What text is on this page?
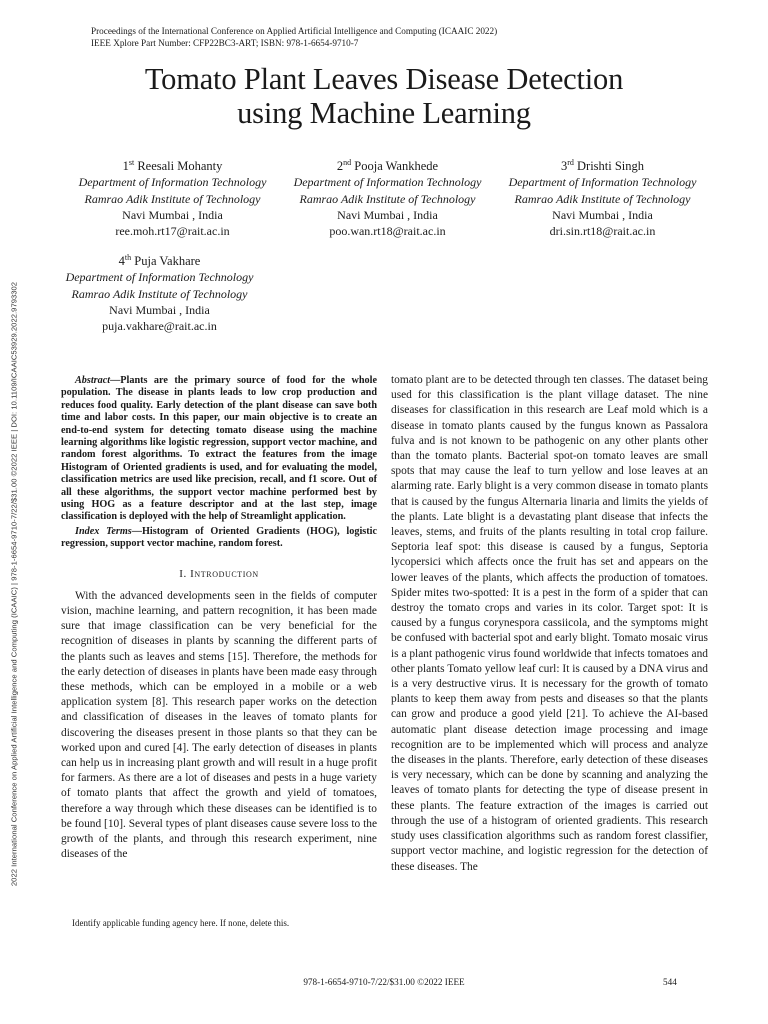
Proceedings of the International Conference on Applied Artificial Intelligence and Computing (ICAAIC 2022)
IEEE Xplore Part Number: CFP22BC3-ART; ISBN: 978-1-6654-9710-7
Tomato Plant Leaves Disease Detection
using Machine Learning
1st Reesali Mohanty
Department of Information Technology
Ramrao Adik Institute of Technology
Navi Mumbai , India
ree.moh.rt17@rait.ac.in
2nd Pooja Wankhede
Department of Information Technology
Ramrao Adik Institute of Technology
Navi Mumbai , India
poo.wan.rt18@rait.ac.in
3rd Drishti Singh
Department of Information Technology
Ramrao Adik Institute of Technology
Navi Mumbai , India
dri.sin.rt18@rait.ac.in
4th Puja Vakhare
Department of Information Technology
Ramrao Adik Institute of Technology
Navi Mumbai , India
puja.vakhare@rait.ac.in
2022 International Conference on Applied Artificial Intelligence and Computing (ICAAIC) | 978-1-6654-9710-7/22/$31.00 ©2022 IEEE | DOI: 10.1109/ICAAIC53929.2022.9793302	Abstract—Plants are the primary source of food for the whole population. The disease in plants leads to low crop production and reduces food quality. Early detection of the plant disease can save both time and labor costs. In this paper, our main objective is to create an end-to-end system for detecting tomato disease using the machine learning algorithms like logistic regression, support vector machine, and random forest algorithms. To extract the features from the image Histogram of Oriented gradients is used, and for evaluating the model, classification metrics are used like precision, recall, and f1 score. Out of all these algorithms, the support vector machine performed best by using HOG as a feature descriptor and at the last step, image classification is deployed with the help of Streamlight application.

Index Terms—Histogram of Oriented Gradients (HOG), logistic regression, support vector machine, random forest.

I. Introduction

With the advanced developments seen in the fields of computer vision, machine learning, and pattern recognition, it has been made sure that image classification can be very beneficial for the recognition of diseases in plants by scanning the different parts of the plants such as leaves and stems [15]. Therefore, the methods for the early detection of diseases in plants have been made easy through these methods, which can be employed in a mobile or a web application system [8]. This research paper works on the detection and classification of diseases in the leaves of tomato plants for discovering the diseases present in those plants so that they can be worked upon and cured [4]. The early detection of diseases in plants can help us in increasing plant growth and will result in a huge profit for farmers. As there are a lot of diseases and pests in a huge variety of tomato plants that affect the growth and yield of tomatoes, therefore a way through which these diseases can be identified is to be found [10]. Several types of plant diseases cause severe loss to the growth of the plants, and through this research experiment, nine diseases of the

tomato plant are to be detected through ten classes. The dataset being used for this classification is the plant village dataset. The nine diseases for classification in this research are Leaf mold which is a disease in tomato plants caused by the fungus known as Passalora fulva and is not known to be pathogenic on any other plants other than the tomato plants. Bacterial spot-on tomato leaves are small spots that may cause the leaf to turn yellow and lose leaves at an alarming rate. Early blight is a very common disease in tomato plants that is caused by the fungus Alternaria linaria and limits the yields of the plants. Late blight is a devastating plant disease that infects the leaves, stems, and fruits of the plants resulting in total crop failure. Septoria leaf spot: this disease is caused by a fungus, Septoria lycopersici which affects once the fruit has set and appears on the lower leaves of the plants, which affects the production of tomatoes. Spider mites two-spotted: It is a pest in the form of a spider that can destroy the tomato crops and varies in its color. Target spot: It is caused by a fungus corynespora cassiicola, and the symptoms might be confused with bacterial spot and early blight. Tomato mosaic virus is a plant pathogenic virus found worldwide that infects tomatoes and other plants Tomato yellow leaf curl: It is caused by a DNA virus and is a very destructive virus. It is necessary for the growth of tomato plants to keep them away from pests and diseases so that the plants can grow and produce a good yield [21]. To achieve the AI-based automatic plant disease detection image processing and image recognition are to be implemented which will process and analyze the diseases in the plants. Therefore, early detection of these diseases is very necessary, which can be done by scanning and analyzing the leaves of tomato plants for detecting the type of disease present in these plants. The feature extraction of the images is carried out through the use of a histogram of oriented gradients. This research study uses classification algorithms such as random forest classifier, support vector machine, and logistic regression for the detection of these diseases. The

Identify applicable funding agency here. If none, delete this.
978-1-6654-9710-7/22/$31.00 ©2022 IEEE	544
